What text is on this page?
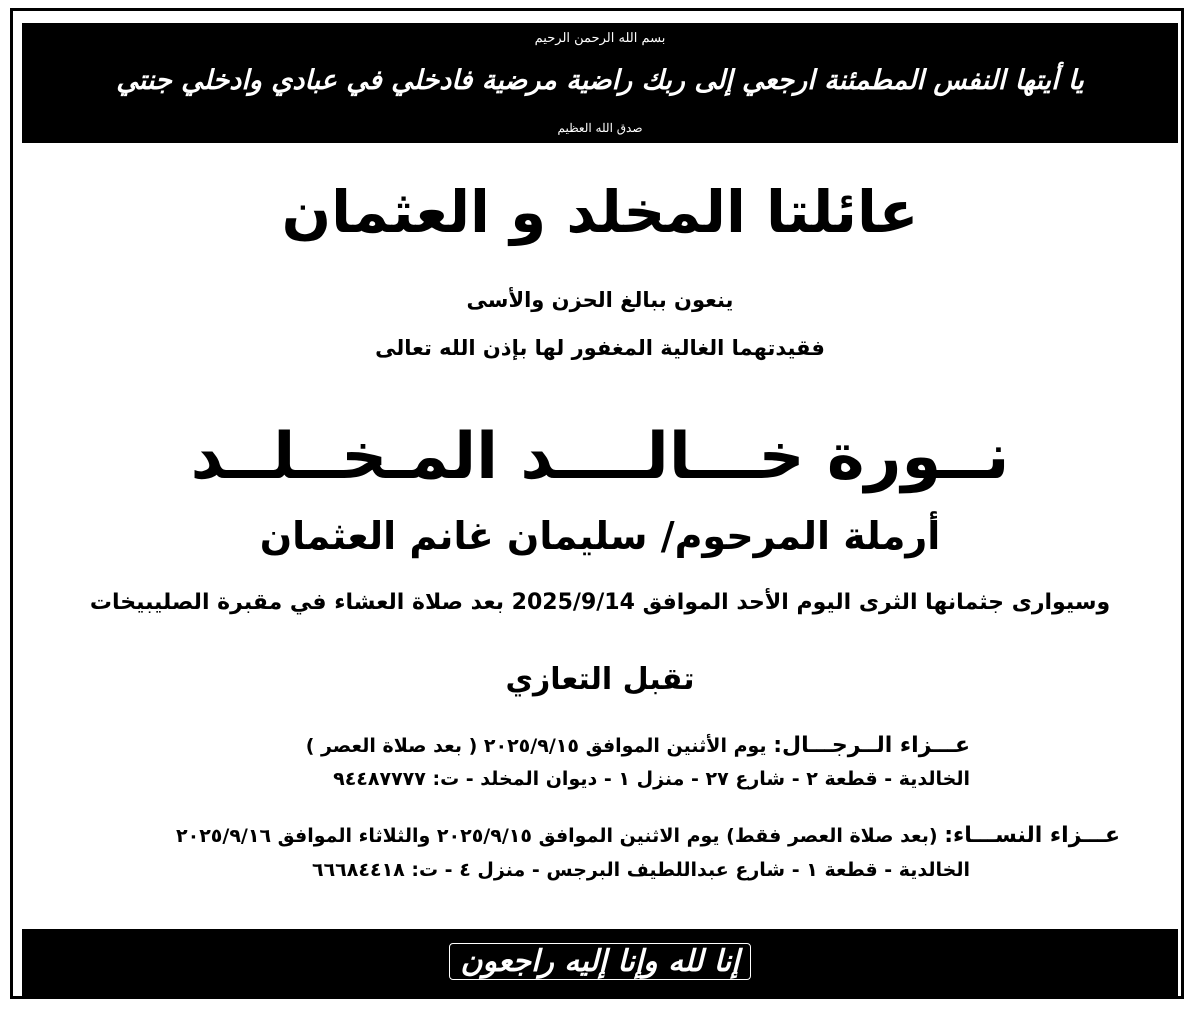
بسم الله الرحمن الرحيم
يا أيتها النفس المطمئنة ارجعي إلى ربك راضية مرضية فادخلي في عبادي وادخلي جنتي
صدق الله العظيم
عائلتا المخلد و العثمان
ينعون ببالغ الحزن والأسى
فقيدتهما الغالية المغفور لها بإذن الله تعالى
نــورة خـــالــــد المـخــلــد
أرملة المرحوم/ سليمان غانم العثمان
وسيوارى جثمانها الثرى اليوم الأحد الموافق 2025/9/14 بعد صلاة العشاء في مقبرة الصليبيخات
تقبل التعازي
عـــزاء الــرجـــال: يوم الأثنين الموافق ٢٠٢٥/٩/١٥ ( بعد صلاة العصر )
الخالدية - قطعة ٢ - شارع ٢٧ - منزل ١ - ديوان المخلد - ت: ٩٤٤٨٧٧٧٧
عـــزاء النســـاء: (بعد صلاة العصر فقط) يوم الاثنين الموافق ٢٠٢٥/٩/١٥ والثلاثاء الموافق ٢٠٢٥/٩/١٦
الخالدية - قطعة ١ - شارع عبداللطيف البرجس - منزل ٤ - ت: ٦٦٦٨٤٤١٨
إنا لله وإنا إليه راجعون
